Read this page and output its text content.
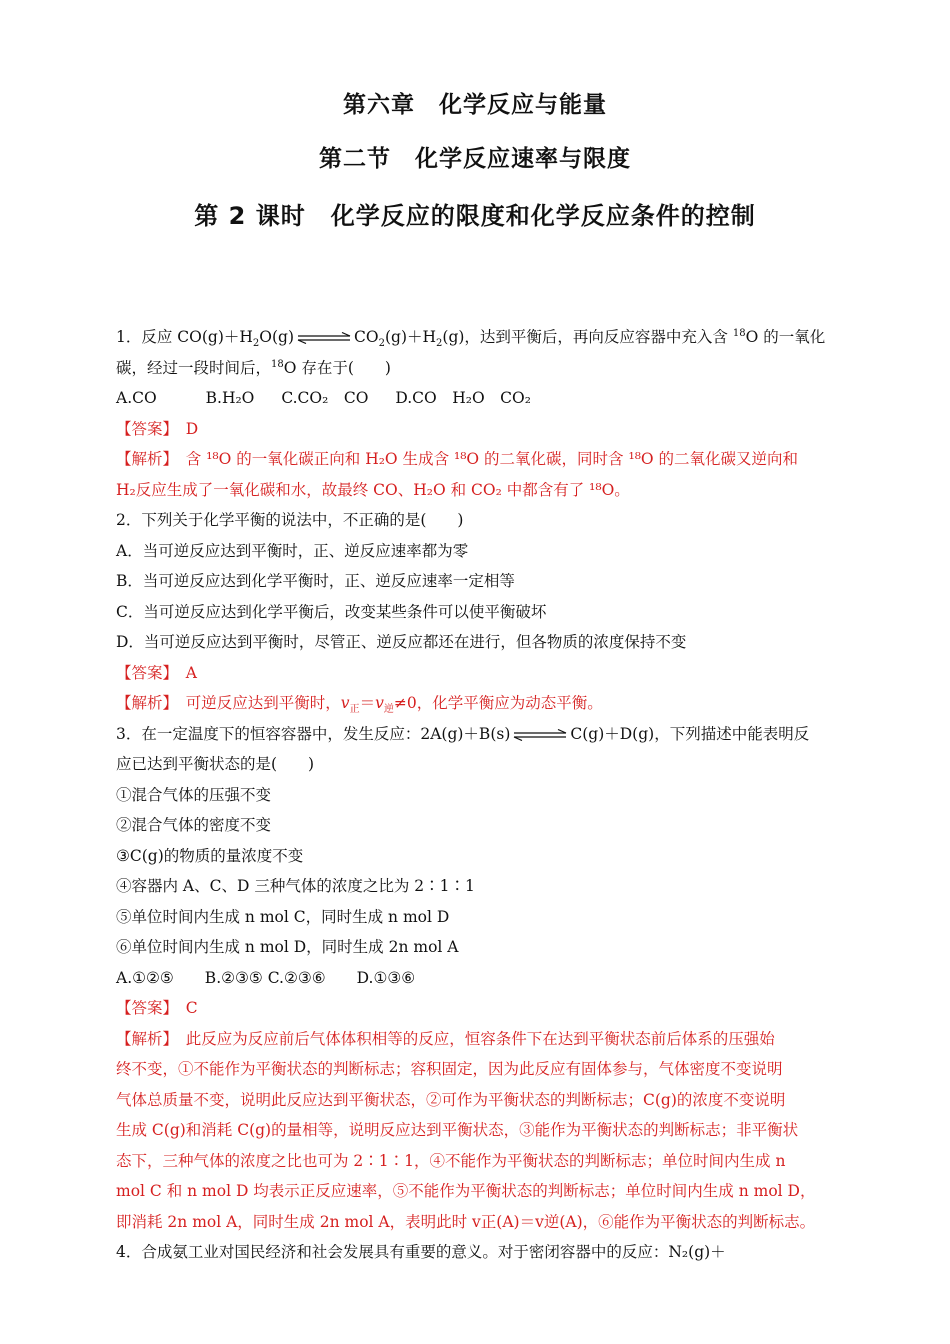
第六章　化学反应与能量
第二节　化学反应速率与限度
第 2 课时　化学反应的限度和化学反应条件的控制
1．反应 $CO(g)+H_2O(g)$ ⇌ $CO_2(g)+H_2(g)$，达到平衡后，再向反应容器中充入含 $^{18}$O 的一氧化
碳，经过一段时间后，$^{18}$O 存在于(　　)
A.CO	B.H₂O C.CO₂　CO D.CO　H₂O　CO₂
【答案】　 D
【解析】　 含 ¹⁸O 的一氧化碳正向和 H₂O 生成含 ¹⁸O 的二氧化碳，同时含 ¹⁸O 的二氧化碳又逆向和
H₂反应生成了一氧化碳和水，故最终 CO、H₂O 和 CO₂ 中都含有了 ¹⁸O。
2．下列关于化学平衡的说法中，不正确的是(　　)
A．当可逆反应达到平衡时，正、逆反应速率都为零
B．当可逆反应达到化学平衡时，正、逆反应速率一定相等
C．当可逆反应达到化学平衡后，改变某些条件可以使平衡破坏
D．当可逆反应达到平衡时，尽管正、逆反应都还在进行，但各物质的浓度保持不变
【答案】　 A
【解析】　 可逆反应达到平衡时，$v_正=v_逆\ne 0$，化学平衡应为动态平衡。
3．在一定温度下的恒容容器中，发生反应：2A(g)＋B(s) ⇌ C(g)＋D(g)，下列描述中能表明反
应已达到平衡状态的是(　　)
①混合气体的压强不变
②混合气体的密度不变
③C(g)的物质的量浓度不变
④容器内 A、C、D 三种气体的浓度之比为 2∶1∶1
⑤单位时间内生成 n mol C，同时生成 n mol D
⑥单位时间内生成 n mol D，同时生成 2n mol A
A.①②⑤　　B.②③⑤ C.②③⑥　　D.①③⑥
【答案】　 C
【解析】　 此反应为反应前后气体体积相等的反应，恒容条件下在达到平衡状态前后体系的压强始
终不变，①不能作为平衡状态的判断标志；容积固定，因为此反应有固体参与，气体密度不变说明
气体总质量不变，说明此反应达到平衡状态，②可作为平衡状态的判断标志；C(g)的浓度不变说明
生成 C(g)和消耗 C(g)的量相等，说明反应达到平衡状态，③能作为平衡状态的判断标志；非平衡状
态下，三种气体的浓度之比也可为 2∶1∶1，④不能作为平衡状态的判断标志；单位时间内生成 n
mol C 和 n mol D 均表示正反应速率，⑤不能作为平衡状态的判断标志；单位时间内生成 n mol D，
即消耗 2n mol A，同时生成 2n mol A，表明此时 v正(A)＝v逆(A)，⑥能作为平衡状态的判断标志。
4．合成氨工业对国民经济和社会发展具有重要的意义。对于密闭容器中的反应：N₂(g)＋
